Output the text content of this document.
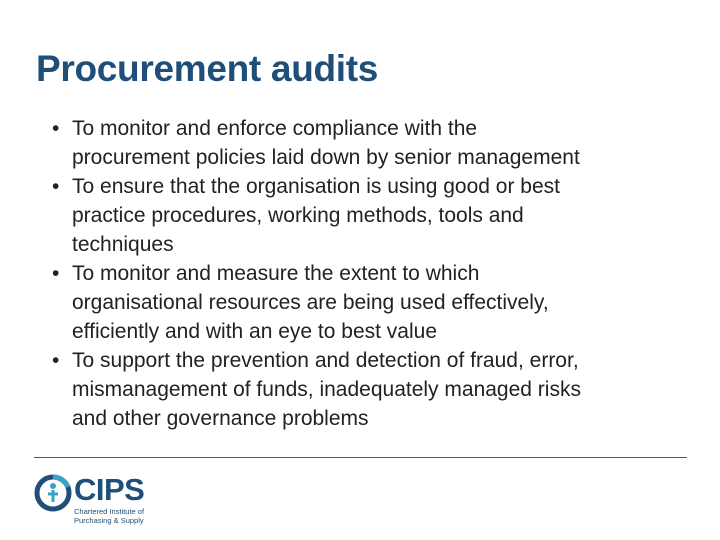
Procurement audits
• To monitor and enforce compliance with the
procurement policies laid down by senior management
• To ensure that the organisation is using good or best
practice procedures, working methods, tools and
techniques
• To monitor and measure the extent to which
organisational resources are being used effectively,
efficiently and with an eye to best value
• To support the prevention and detection of fraud, error,
mismanagement of funds, inadequately managed risks
and other governance problems
CIPS
Chartered Institute of
Purchasing & Supply
